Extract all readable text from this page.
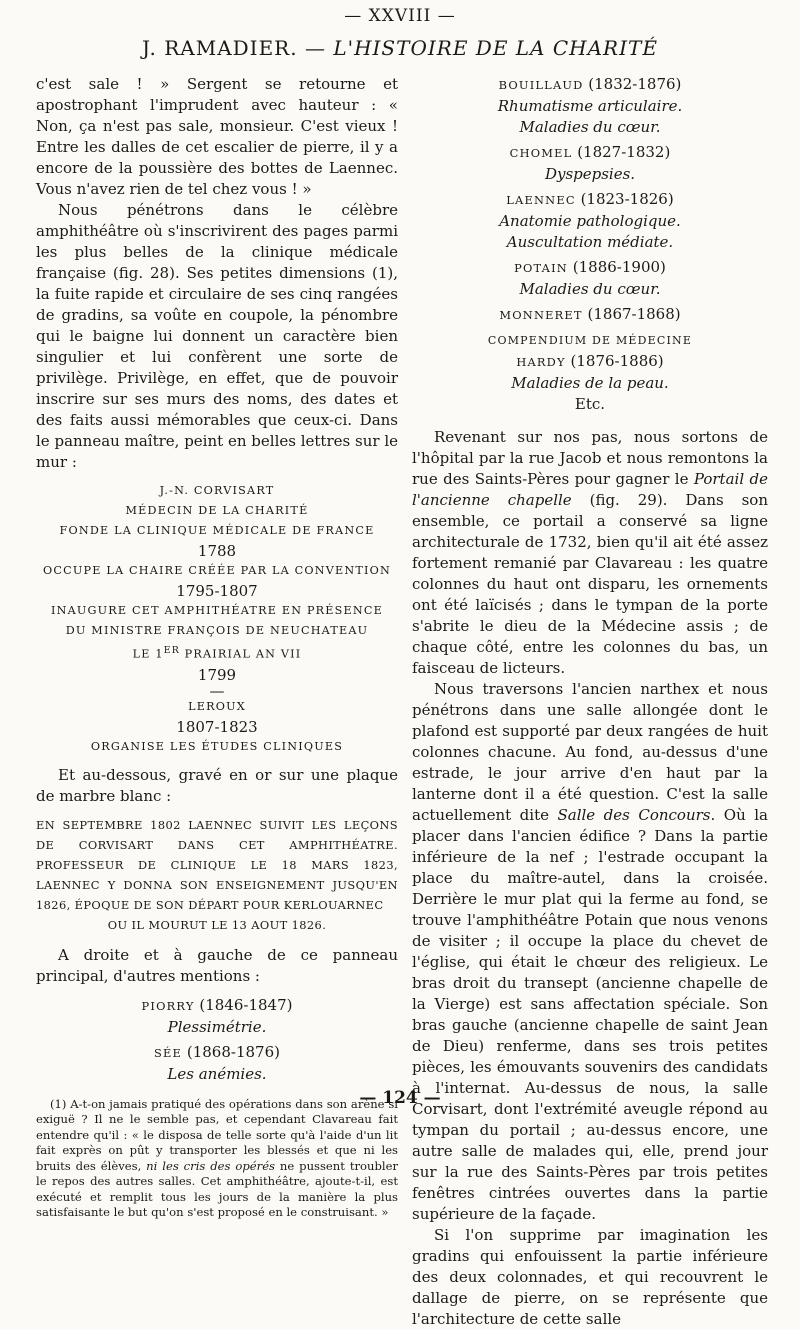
— XXVIII —
J. RAMADIER. — L'HISTOIRE DE LA CHARITÉ

c'est sale ! » Sergent se retourne et apostrophant l'imprudent avec hauteur : « Non, ça n'est pas sale, monsieur. C'est vieux ! Entre les dalles de cet escalier de pierre, il y a encore de la poussière des bottes de Laennec. Vous n'avez rien de tel chez vous ! »

Nous pénétrons dans le célèbre amphithéâtre où s'inscrivirent des pages parmi les plus belles de la clinique médicale française (fig. 28). Ses petites dimensions (1), la fuite rapide et circulaire de ses cinq rangées de gradins, sa voûte en coupole, la pénombre qui le baigne lui donnent un caractère bien singulier et lui confèrent une sorte de privilège. Privilège, en effet, que de pouvoir inscrire sur ses murs des noms, des dates et des faits aussi mémorables que ceux-ci. Dans le panneau maître, peint en belles lettres sur le mur :

J.-N. CORVISART
MÉDECIN DE LA CHARITÉ
FONDE LA CLINIQUE MÉDICALE DE FRANCE
1788
OCCUPE LA CHAIRE CRÉÉE PAR LA CONVENTION
1795-1807
INAUGURE CET AMPHITHÉATRE EN PRÉSENCE
DU MINISTRE FRANÇOIS DE NEUCHATEAU
LE 1ER PRAIRIAL AN VII
1799
—
LEROUX
1807-1823
ORGANISE LES ÉTUDES CLINIQUES

Et au-dessous, gravé en or sur une plaque de marbre blanc :

EN SEPTEMBRE 1802 LAENNEC SUIVIT LES LEÇONS DE CORVISART DANS CET AMPHITHÉATRE. PROFESSEUR DE CLINIQUE LE 18 MARS 1823, LAENNEC Y DONNA SON ENSEIGNEMENT JUSQU'EN 1826, ÉPOQUE DE SON DÉPART POUR KERLOUARNEC
OU IL MOURUT LE 13 AOUT 1826.

A droite et à gauche de ce panneau principal, d'autres mentions :

PIORRY (1846-1847)
Plessimétrie.
SÉE (1868-1876)
Les anémies.
(1) A-t-on jamais pratiqué des opérations dans son arène si exiguë ? Il ne le semble pas, et cependant Clavareau fait entendre qu'il : « le disposa de telle sorte qu'à l'aide d'un lit fait exprès on pût y transporter les blessés et que ni les bruits des élèves, ni les cris des opérés ne pussent troubler le repos des autres salles. Cet amphithéâtre, ajoute-t-il, est exécuté et remplit tous les jours de la manière la plus satisfaisante le but qu'on s'est proposé en le construisant. »
BOUILLAUD (1832-1876)
Rhumatisme articulaire.
Maladies du cœur.
CHOMEL (1827-1832)
Dyspepsies.
LAENNEC (1823-1826)
Anatomie pathologique.
Auscultation médiate.
POTAIN (1886-1900)
Maladies du cœur.
MONNERET (1867-1868)
COMPENDIUM DE MÉDECINE
HARDY (1876-1886)
Maladies de la peau.
Etc.

Revenant sur nos pas, nous sortons de l'hôpital par la rue Jacob et nous remontons la rue des Saints-Pères pour gagner le Portail de l'ancienne chapelle (fig. 29). Dans son ensemble, ce portail a conservé sa ligne architecturale de 1732, bien qu'il ait été assez fortement remanié par Clavareau : les quatre colonnes du haut ont disparu, les ornements ont été laïcisés ; dans le tympan de la porte s'abrite le dieu de la Médecine assis ; de chaque côté, entre les colonnes du bas, un faisceau de licteurs.

Nous traversons l'ancien narthex et nous pénétrons dans une salle allongée dont le plafond est supporté par deux rangées de huit colonnes chacune. Au fond, au-dessus d'une estrade, le jour arrive d'en haut par la lanterne dont il a été question. C'est la salle actuellement dite Salle des Concours. Où la placer dans l'ancien édifice ? Dans la partie inférieure de la nef ; l'estrade occupant la place du maître-autel, dans la croisée. Derrière le mur plat qui la ferme au fond, se trouve l'amphithéâtre Potain que nous venons de visiter ; il occupe la place du chevet de l'église, qui était le chœur des religieux. Le bras droit du transept (ancienne chapelle de la Vierge) est sans affectation spéciale. Son bras gauche (ancienne chapelle de saint Jean de Dieu) renferme, dans ses trois petites pièces, les émouvants souvenirs des candidats à l'internat. Au-dessus de nous, la salle Corvisart, dont l'extrémité aveugle répond au tympan du portail ; au-dessus encore, une autre salle de malades qui, elle, prend jour sur la rue des Saints-Pères par trois petites fenêtres cintrées ouvertes dans la partie supérieure de la façade.

Si l'on supprime par imagination les gradins qui enfouissent la partie inférieure des deux colonnades, et qui recouvrent le dallage de pierre, on se représente que l'architecture de cette salle

— 124 —
